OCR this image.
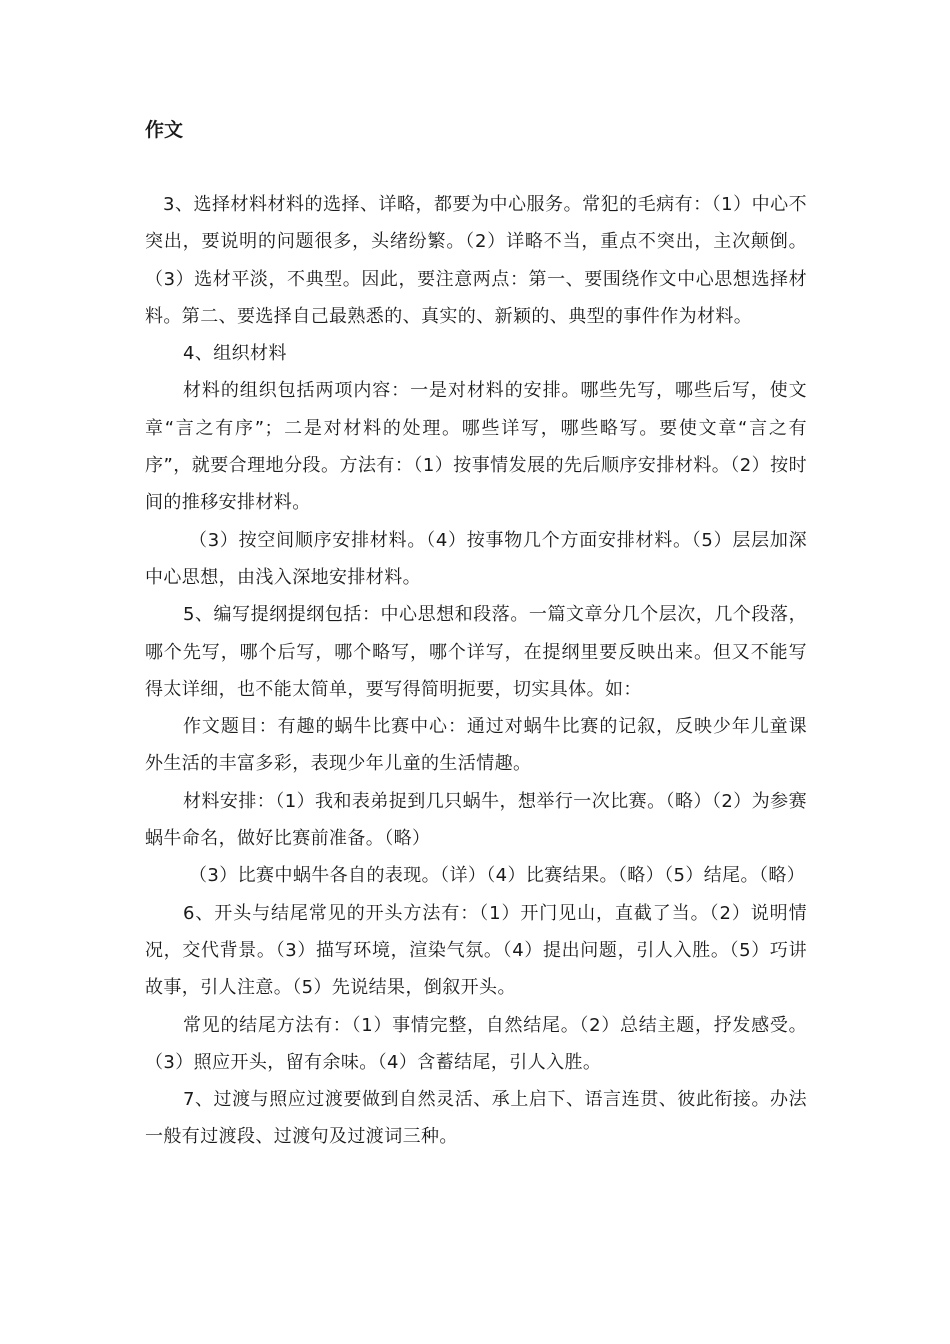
作文

3、选择材料材料的选择、详略，都要为中心服务。常犯的毛病有：（1）中心不突出，要说明的问题很多，头绪纷繁。（2）详略不当，重点不突出，主次颠倒。（3）选材平淡，不典型。因此，要注意两点：第一、要围绕作文中心思想选择材料。第二、要选择自己最熟悉的、真实的、新颖的、典型的事件作为材料。

4、组织材料

材料的组织包括两项内容：一是对材料的安排。哪些先写，哪些后写，使文章“言之有序”；二是对材料的处理。哪些详写，哪些略写。要使文章“言之有序”，就要合理地分段。方法有：（1）按事情发展的先后顺序安排材料。（2）按时间的推移安排材料。

（3）按空间顺序安排材料。（4）按事物几个方面安排材料。（5）层层加深中心思想，由浅入深地安排材料。

5、编写提纲提纲包括：中心思想和段落。一篇文章分几个层次，几个段落，哪个先写，哪个后写，哪个略写，哪个详写，在提纲里要反映出来。但又不能写得太详细，也不能太简单，要写得简明扼要，切实具体。如：

作文题目：有趣的蜗牛比赛中心：通过对蜗牛比赛的记叙，反映少年儿童课外生活的丰富多彩，表现少年儿童的生活情趣。

材料安排：（1）我和表弟捉到几只蜗牛，想举行一次比赛。（略）（2）为参赛蜗牛命名，做好比赛前准备。（略）

（3）比赛中蜗牛各自的表现。（详）（4）比赛结果。（略）（5）结尾。（略）

6、开头与结尾常见的开头方法有：（1）开门见山，直截了当。（2）说明情况，交代背景。（3）描写环境，渲染气氛。（4）提出问题，引人入胜。（5）巧讲故事，引人注意。（5）先说结果，倒叙开头。

常见的结尾方法有：（1）事情完整，自然结尾。（2）总结主题，抒发感受。（3）照应开头，留有余味。（4）含蓄结尾，引人入胜。

7、过渡与照应过渡要做到自然灵活、承上启下、语言连贯、彼此衔接。办法一般有过渡段、过渡句及过渡词三种。
